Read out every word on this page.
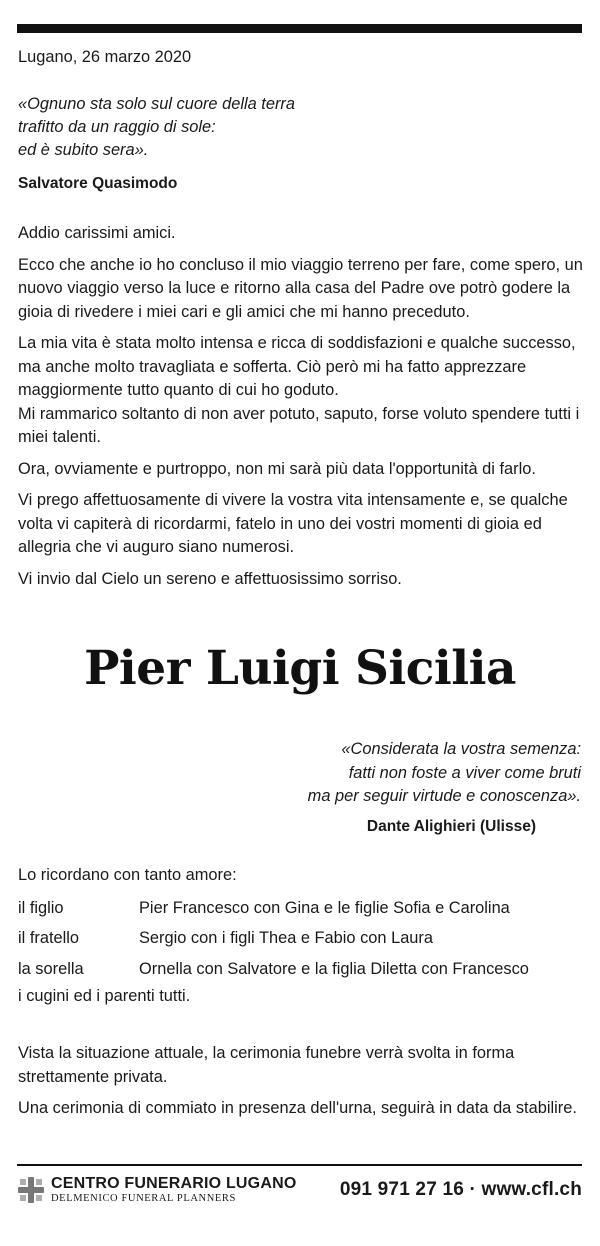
Lugano, 26 marzo 2020
«Ognuno sta solo sul cuore della terra
trafitto da un raggio di sole:
ed è subito sera».
Salvatore Quasimodo

Addio carissimi amici.

Ecco che anche io ho concluso il mio viaggio terreno per fare, come spero, un nuovo viaggio verso la luce e ritorno alla casa del Padre ove potrò godere la gioia di rivedere i miei cari e gli amici che mi hanno preceduto.

La mia vita è stata molto intensa e ricca di soddisfazioni e qualche successo, ma anche molto travagliata e sofferta. Ciò però mi ha fatto apprezzare maggiormente tutto quanto di cui ho goduto.

Mi rammarico soltanto di non aver potuto, saputo, forse voluto spendere tutti i miei talenti.

Ora, ovviamente e purtroppo, non mi sarà più data l'opportunità di farlo.

Vi prego affettuosamente di vivere la vostra vita intensamente e, se qualche volta vi capiterà di ricordarmi, fatelo in uno dei vostri momenti di gioia ed allegria che vi auguro siano numerosi.

Vi invio dal Cielo un sereno e affettuosissimo sorriso.

Pier Luigi Sicilia
«Considerata la vostra semenza:
fatti non foste a viver come bruti
ma per seguir virtude e conoscenza».
Dante Alighieri (Ulisse)
Lo ricordano con tanto amore:
il figlio	Pier Francesco con Gina e le figlie Sofia e Carolina
il fratello	Sergio con i figli Thea e Fabio con Laura
la sorella	Ornella con Salvatore e la figlia Diletta con Francesco
i cugini ed i parenti tutti.

Vista la situazione attuale, la cerimonia funebre verrà svolta in forma strettamente privata.

Una cerimonia di commiato in presenza dell'urna, seguirà in data da stabilire.

CENTRO FUNERARIO LUGANO
DELMENICO FUNERAL PLANNERS	091 971 27 16 · www.cfl.ch
